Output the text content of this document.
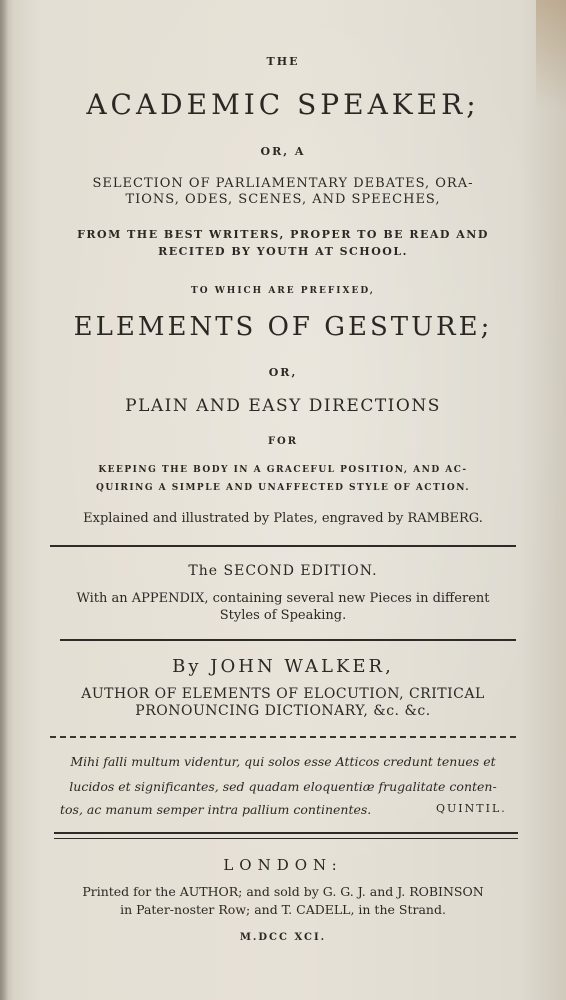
THE
ACADEMIC SPEAKER;
OR, A
SELECTION OF PARLIAMENTARY DEBATES, ORA-
TIONS, ODES, SCENES, AND SPEECHES,
FROM THE BEST WRITERS, PROPER TO BE READ AND
RECITED BY YOUTH AT SCHOOL.
TO WHICH ARE PREFIXED,
ELEMENTS OF GESTURE;
OR,
PLAIN AND EASY DIRECTIONS
FOR
KEEPING THE BODY IN A GRACEFUL POSITION, AND AC-
QUIRING A SIMPLE AND UNAFFECTED STYLE OF ACTION.
Explained and illustrated by Plates, engraved by RAMBERG.
The SECOND EDITION.
With an APPENDIX, containing several new Pieces in different
Styles of Speaking.
By JOHN WALKER,
AUTHOR OF ELEMENTS OF ELOCUTION, CRITICAL
PRONOUNCING DICTIONARY, &c. &c.
Mihi falli multum videntur, qui solos esse Atticos credunt tenues et
lucidos et significantes, sed quadam eloquentiæ frugalitate conten-
tos, ac manum semper intra pallium continentes.	QUINTIL.
LONDON:
Printed for the AUTHOR; and sold by G. G. J. and J. ROBINSON
in Pater-noster Row; and T. CADELL, in the Strand.
M.DCC XCI.
